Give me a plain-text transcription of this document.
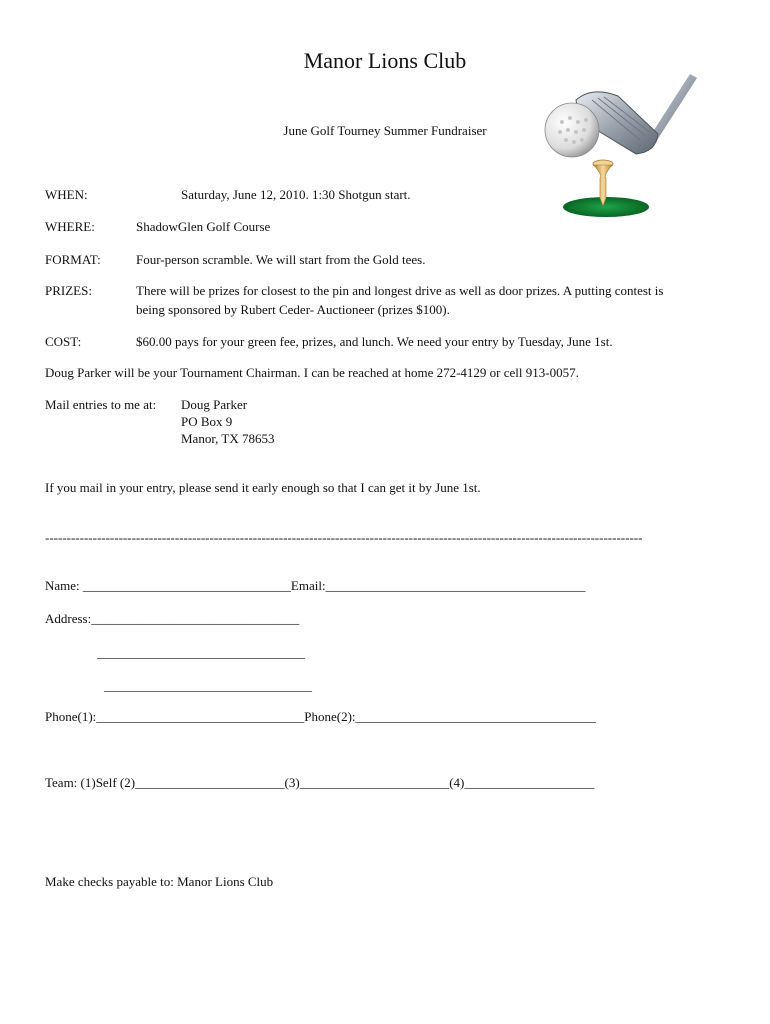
Manor Lions Club
June Golf Tourney Summer Fundraiser
WHEN:	Saturday, June 12, 2010. 1:30 Shotgun start.
WHERE:	ShadowGlen Golf Course
FORMAT:	Four-person scramble. We will start from the Gold tees.
PRIZES:	There will be prizes for closest to the pin and longest drive as well as door prizes. A putting contest is
being sponsored by Rubert Ceder- Auctioneer (prizes $100).
COST:	$60.00 pays for your green fee, prizes, and lunch. We need your entry by Tuesday, June 1st.
Doug Parker will be your Tournament Chairman. I can be reached at home 272-4129 or cell 913-0057.
Mail entries to me at: Doug Parker
PO Box 9
Manor, TX 78653
If you mail in your entry, please send it early enough so that I can get it by June 1st.
------------------------------------------------------------------------------------------------------------------------------------------
Name: ________________________________Email:________________________________________
Address:________________________________
________________________________
________________________________
Phone(1):________________________________Phone(2):_____________________________________
Team: (1)Self (2)_______________________(3)_______________________(4)____________________
Make checks payable to: Manor Lions Club
